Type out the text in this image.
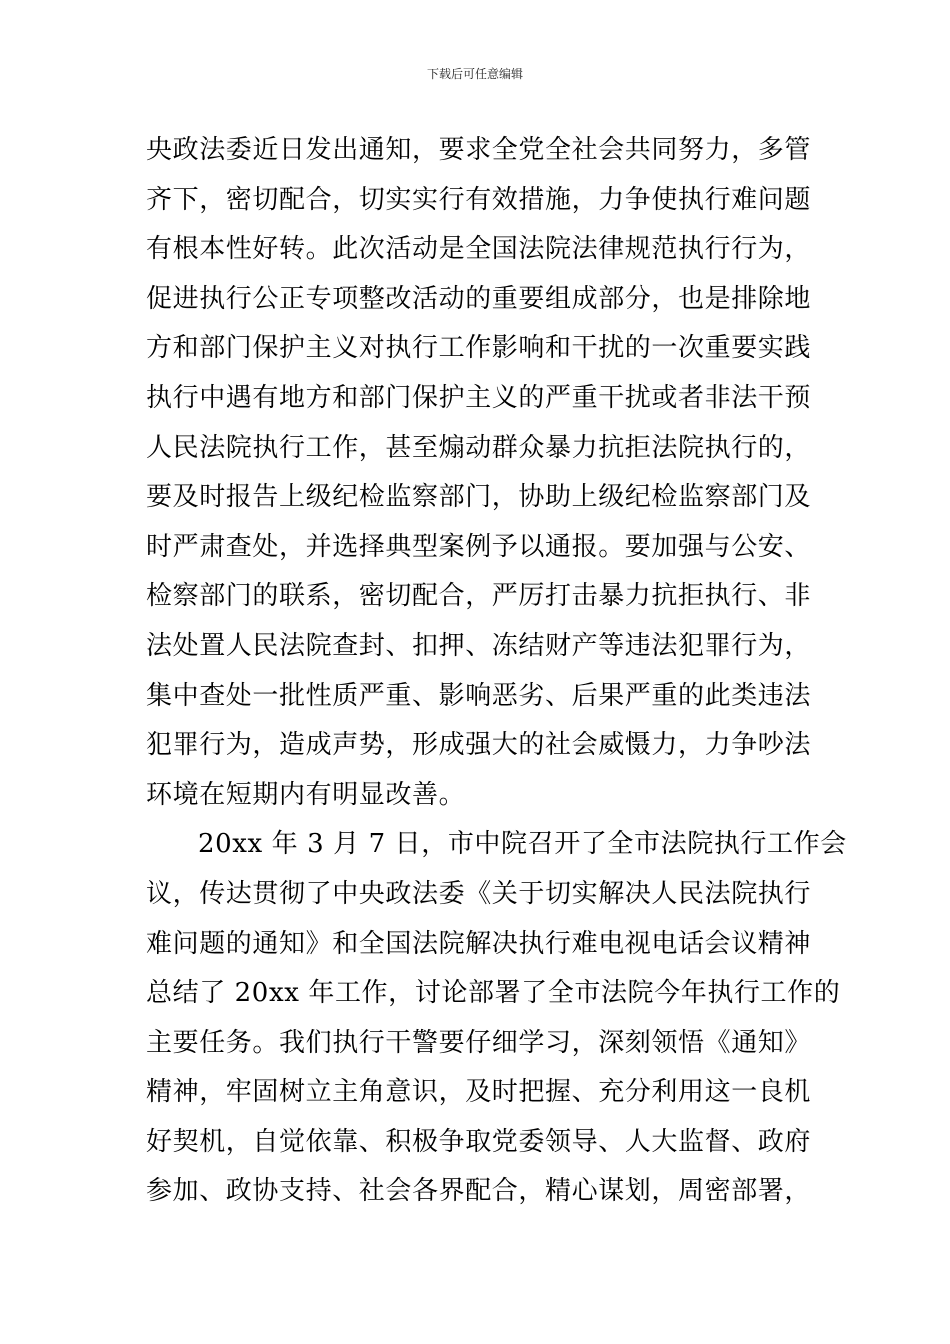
下载后可任意编辑
央政法委近日发出通知，要求全党全社会共同努力，多管
齐下，密切配合，切实实行有效措施，力争使执行难问题
有根本性好转。此次活动是全国法院法律规范执行行为，
促进执行公正专项整改活动的重要组成部分，也是排除地
方和部门保护主义对执行工作影响和干扰的一次重要实践
执行中遇有地方和部门保护主义的严重干扰或者非法干预
人民法院执行工作，甚至煽动群众暴力抗拒法院执行的，
要及时报告上级纪检监察部门，协助上级纪检监察部门及
时严肃查处，并选择典型案例予以通报。要加强与公安、
检察部门的联系，密切配合，严厉打击暴力抗拒执行、非
法处置人民法院查封、扣押、冻结财产等违法犯罪行为，
集中查处一批性质严重、影响恶劣、后果严重的此类违法
犯罪行为，造成声势，形成强大的社会威慑力，力争吵法
环境在短期内有明显改善。
20xx 年 3 月 7 日，市中院召开了全市法院执行工作会
议，传达贯彻了中央政法委《关于切实解决人民法院执行
难问题的通知》和全国法院解决执行难电视电话会议精神
总结了 20xx 年工作，讨论部署了全市法院今年执行工作的
主要任务。我们执行干警要仔细学习，深刻领悟《通知》
精神，牢固树立主角意识，及时把握、充分利用这一良机
好契机，自觉依靠、积极争取党委领导、人大监督、政府
参加、政协支持、社会各界配合，精心谋划，周密部署，
